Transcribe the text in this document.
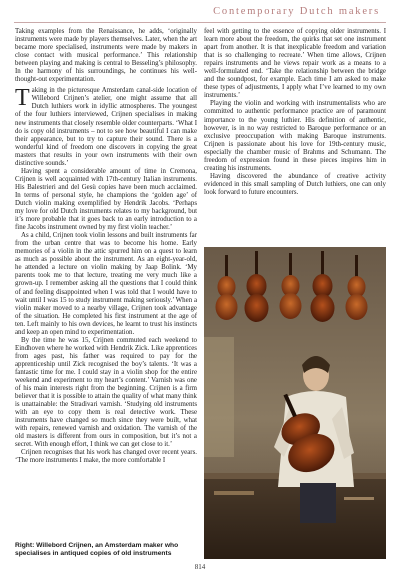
Contemporary Dutch makers

Taking examples from the Renaissance, he adds, ‘originally instruments were made by players themselves. Later, when the art became more specialised, instruments were made by makers in close contact with musical performance.’ This relationship between playing and making is central to Besseling’s philosophy. In the harmony of his surroundings, he continues his well-thought-out experimentation.

Taking in the picturesque Amsterdam canal-side location of Willebord Crijnen’s atelier, one might assume that all Dutch luthiers work in idyllic atmospheres. The youngest of the four luthiers interviewed, Crijnen specialises in making new instruments that closely resemble older counterparts. ‘What I do is copy old instruments – not to see how beautiful I can make their appearance, but to try to capture their sound. There is a wonderful kind of freedom one discovers in copying the great masters that results in your own instruments with their own distinctive sounds.’

Having spent a considerable amount of time in Cremona, Crijnen is well acquainted with 17th-century Italian instruments. His Balestrieri and del Gesù copies have been much acclaimed. In terms of personal style, he champions the ‘golden age’ of Dutch violin making exemplified by Hendrik Jacobs. ‘Perhaps my love for old Dutch instruments relates to my background, but it’s more probable that it goes back to an early introduction to a fine Jacobs instrument owned by my first violin teacher.’

As a child, Crijnen took violin lessons and built instruments far from the urban centre that was to become his home. Early memories of a violin in the attic spurred him on a quest to learn as much as possible about the instrument. As an eight-year-old, he attended a lecture on violin making by Jaap Bolink. ‘My parents took me to that lecture, treating me very much like a grown-up. I remember asking all the questions that I could think of and feeling disappointed when I was told that I would have to wait until I was 15 to study instrument making seriously.’ When a violin maker moved to a nearby village, Crijnen took advantage of the situation. He completed his first instrument at the age of ten. Left mainly to his own devices, he learnt to trust his instincts and keep an open mind to experimentation.

By the time he was 15, Crijnen commuted each weekend to Eindhoven where he worked with Hendrik Zick. Like apprentices from ages past, his father was required to pay for the apprenticeship until Zick recognised the boy’s talents. ‘It was a fantastic time for me. I could stay in a violin shop for the entire weekend and experiment to my heart’s content.’ Varnish was one of his main interests right from the beginning. Crijnen is a firm believer that it is possible to attain the quality of what many think is unattainable: the Stradivari varnish. ‘Studying old instruments with an eye to copy them is real detective work. These instruments have changed so much since they were built, what with repairs, renewed varnish and oxidation. The varnish of the old masters is different from ours in composition, but it’s not a secret. With enough effort, I think we can get close to it.’

Crijnen recognises that his work has changed over recent years. ‘The more instruments I make, the more comfortable I

feel with getting to the essence of copying older instruments. I learn more about the freedom, the quirks that set one instrument apart from another. It is that inexplicable freedom and variation that is so challenging to recreate.’ When time allows, Crijnen repairs instruments and he views repair work as a means to a well-formulated end. ‘Take the relationship between the bridge and the soundpost, for example. Each time I am asked to make these types of adjustments, I apply what I’ve learned to my own instruments.’

Playing the violin and working with instrumentalists who are committed to authentic performance practice are of paramount importance to the young luthier. His definition of authentic, however, is in no way restricted to Baroque performance or an exclusive preoccupation with making Baroque instruments. Crijnen is passionate about his love for 19th-century music, especially the chamber music of Brahms and Schumann. The freedom of expression found in these pieces inspires him in creating his instruments.

Having discovered the abundance of creative activity evidenced in this small sampling of Dutch luthiers, one can only look forward to future encounters.

Right: Willebord Crijnen, an Amsterdam maker who specialises in antiqued copies of old instruments
814
